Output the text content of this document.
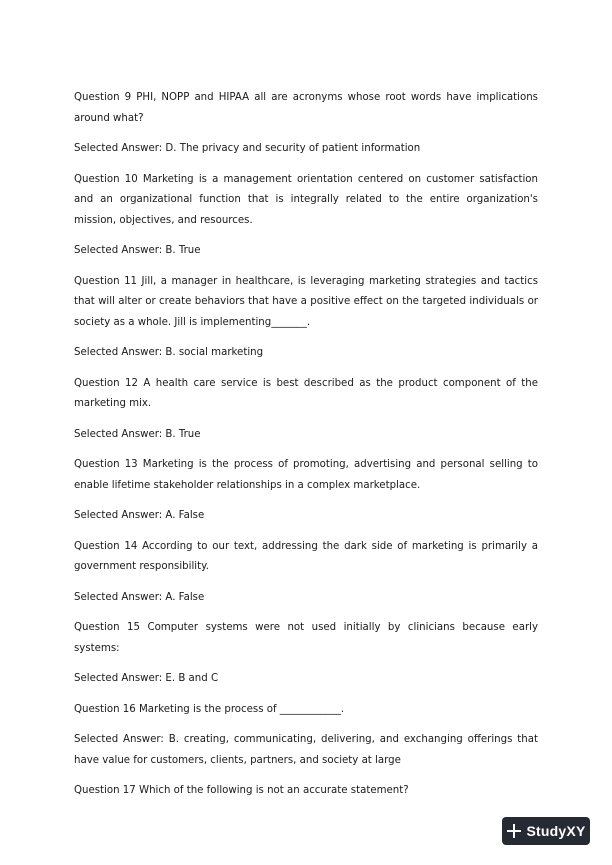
Question 9 PHI, NOPP and HIPAA all are acronyms whose root words have implications around what?

Selected Answer: D. The privacy and security of patient information

Question 10 Marketing is a management orientation centered on customer satisfaction and an organizational function that is integrally related to the entire organization's mission, objectives, and resources.

Selected Answer: B. True

Question 11 Jill, a manager in healthcare, is leveraging marketing strategies and tactics that will alter or create behaviors that have a positive effect on the targeted individuals or society as a whole. Jill is implementing_______.

Selected Answer: B. social marketing

Question 12 A health care service is best described as the product component of the marketing mix.

Selected Answer: B. True

Question 13 Marketing is the process of promoting, advertising and personal selling to enable lifetime stakeholder relationships in a complex marketplace.

Selected Answer: A. False

Question 14 According to our text, addressing the dark side of marketing is primarily a government responsibility.

Selected Answer: A. False

Question 15 Computer systems were not used initially by clinicians because early systems:

Selected Answer: E. B and C

Question 16 Marketing is the process of ____________.

Selected Answer: B. creating, communicating, delivering, and exchanging offerings that have value for customers, clients, partners, and society at large

Question 17 Which of the following is not an accurate statement?

StudyXY
